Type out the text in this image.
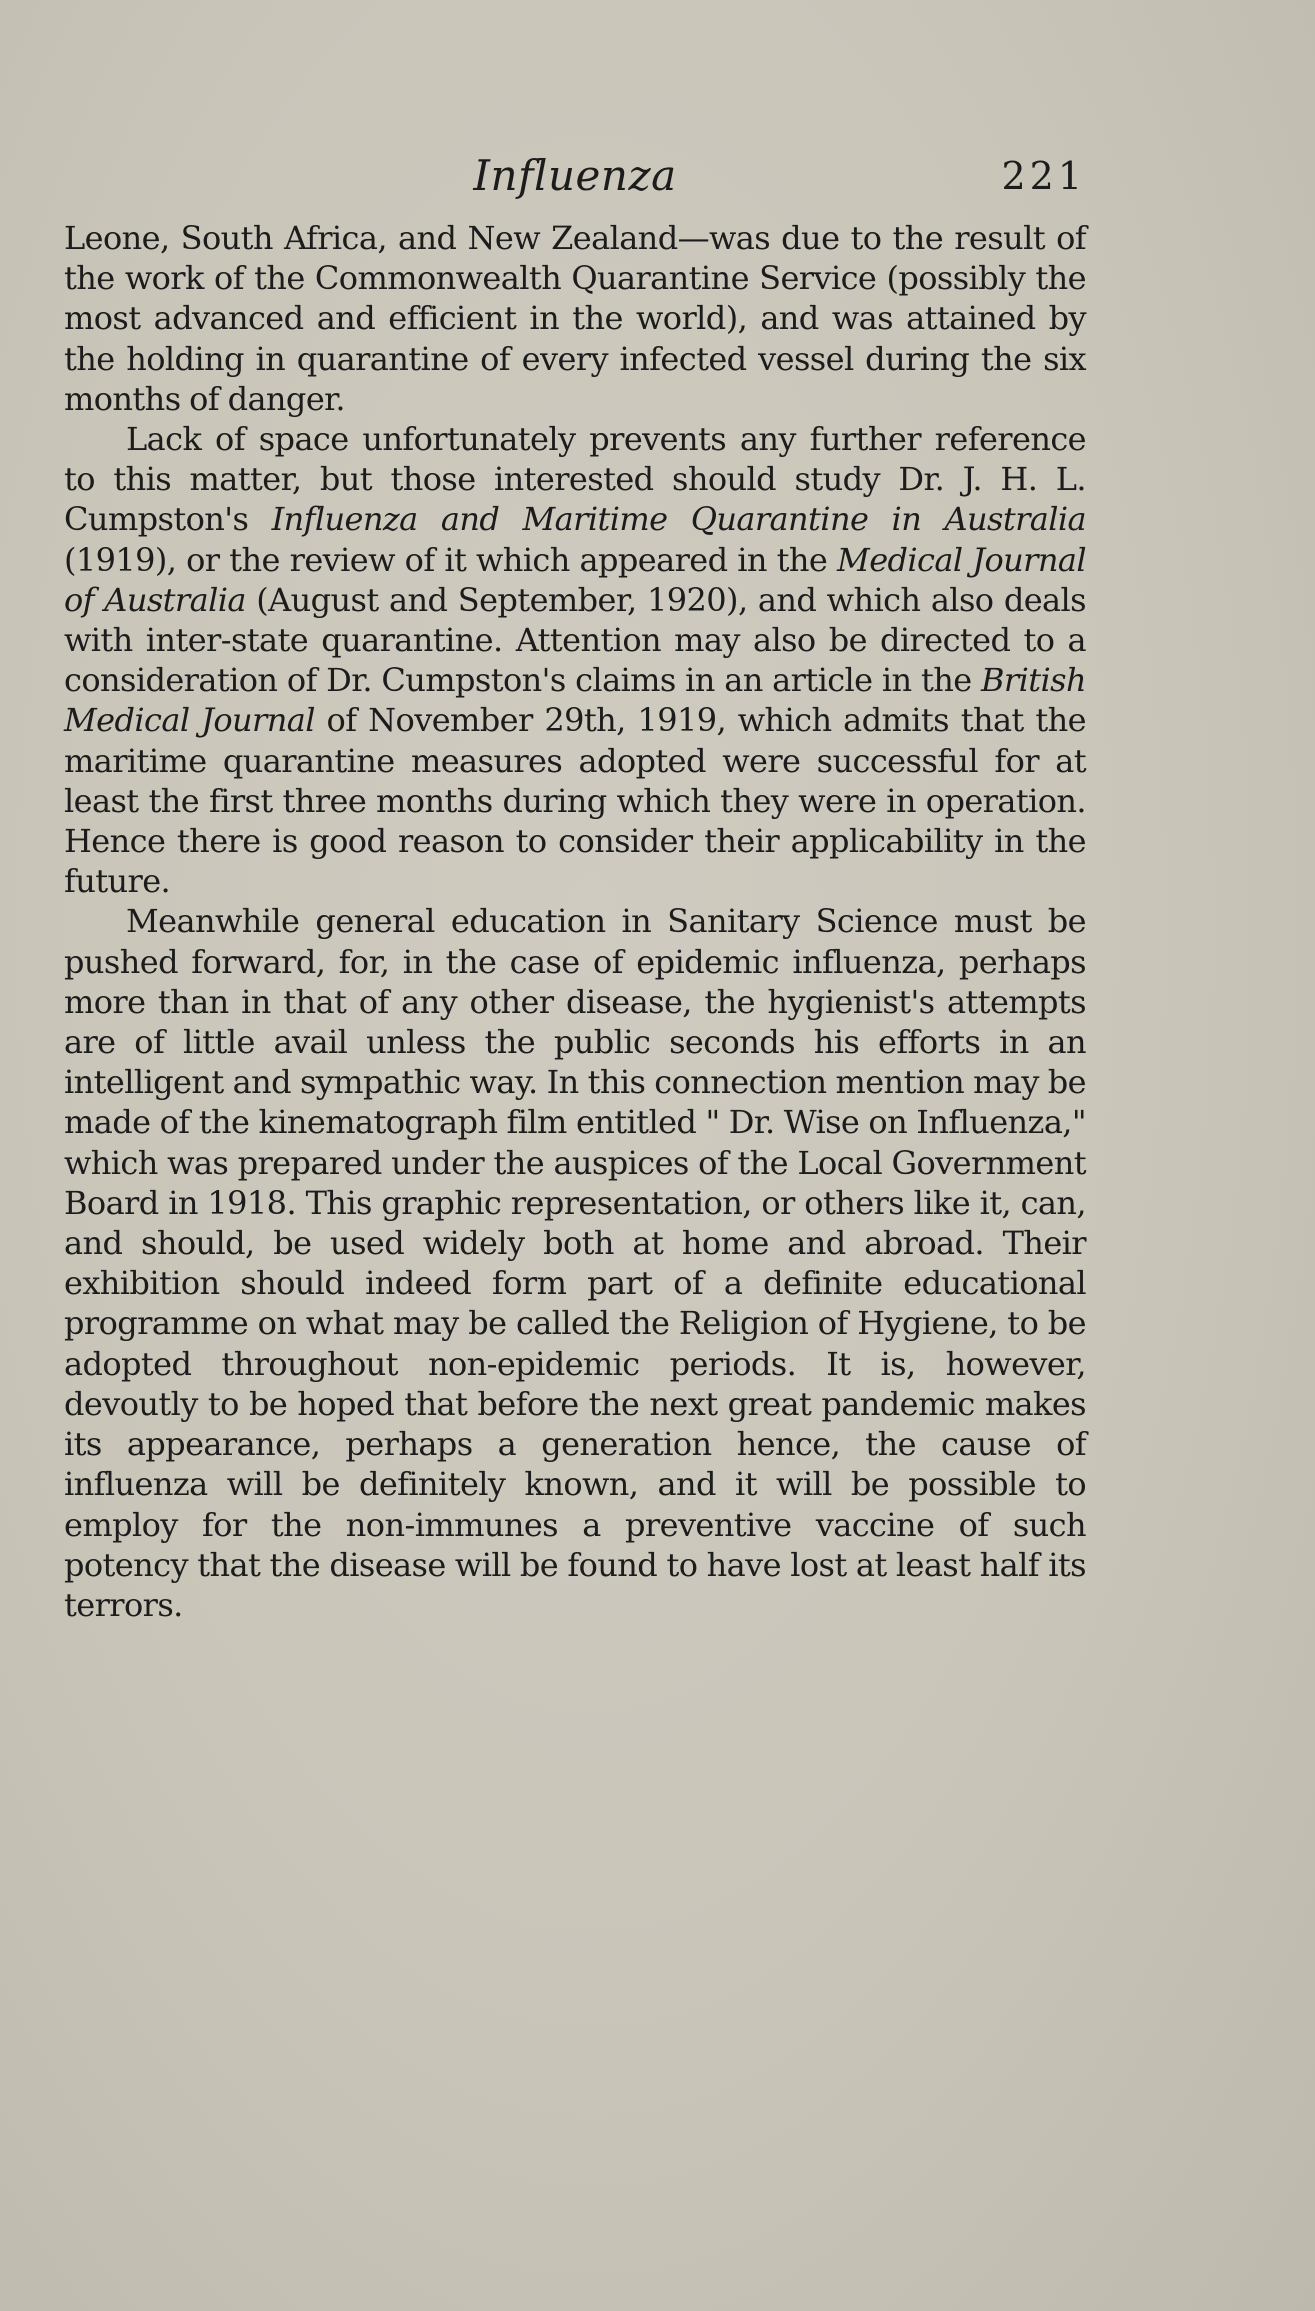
Influenza	221

Leone, South Africa, and New Zealand—was due to the result of the work of the Commonwealth Quarantine Service (possibly the most advanced and efficient in the world), and was attained by the holding in quarantine of every infected vessel during the six months of danger.

Lack of space unfortunately prevents any further reference to this matter, but those interested should study Dr. J. H. L. Cumpston's Influenza and Maritime Quarantine in Australia (1919), or the review of it which appeared in the Medical Journal of Australia (August and September, 1920), and which also deals with inter-state quarantine. Attention may also be directed to a consideration of Dr. Cumpston's claims in an article in the British Medical Journal of November 29th, 1919, which admits that the maritime quarantine measures adopted were successful for at least the first three months during which they were in operation. Hence there is good reason to consider their applicability in the future.

Meanwhile general education in Sanitary Science must be pushed forward, for, in the case of epidemic influenza, perhaps more than in that of any other disease, the hygienist's attempts are of little avail unless the public seconds his efforts in an intelligent and sympathic way. In this connection mention may be made of the kinematograph film entitled " Dr. Wise on Influenza," which was prepared under the auspices of the Local Government Board in 1918. This graphic representation, or others like it, can, and should, be used widely both at home and abroad. Their exhibition should indeed form part of a definite educational programme on what may be called the Religion of Hygiene, to be adopted throughout non-epidemic periods. It is, however, devoutly to be hoped that before the next great pandemic makes its appearance, perhaps a generation hence, the cause of influenza will be definitely known, and it will be possible to employ for the non-immunes a preventive vaccine of such potency that the disease will be found to have lost at least half its terrors.
